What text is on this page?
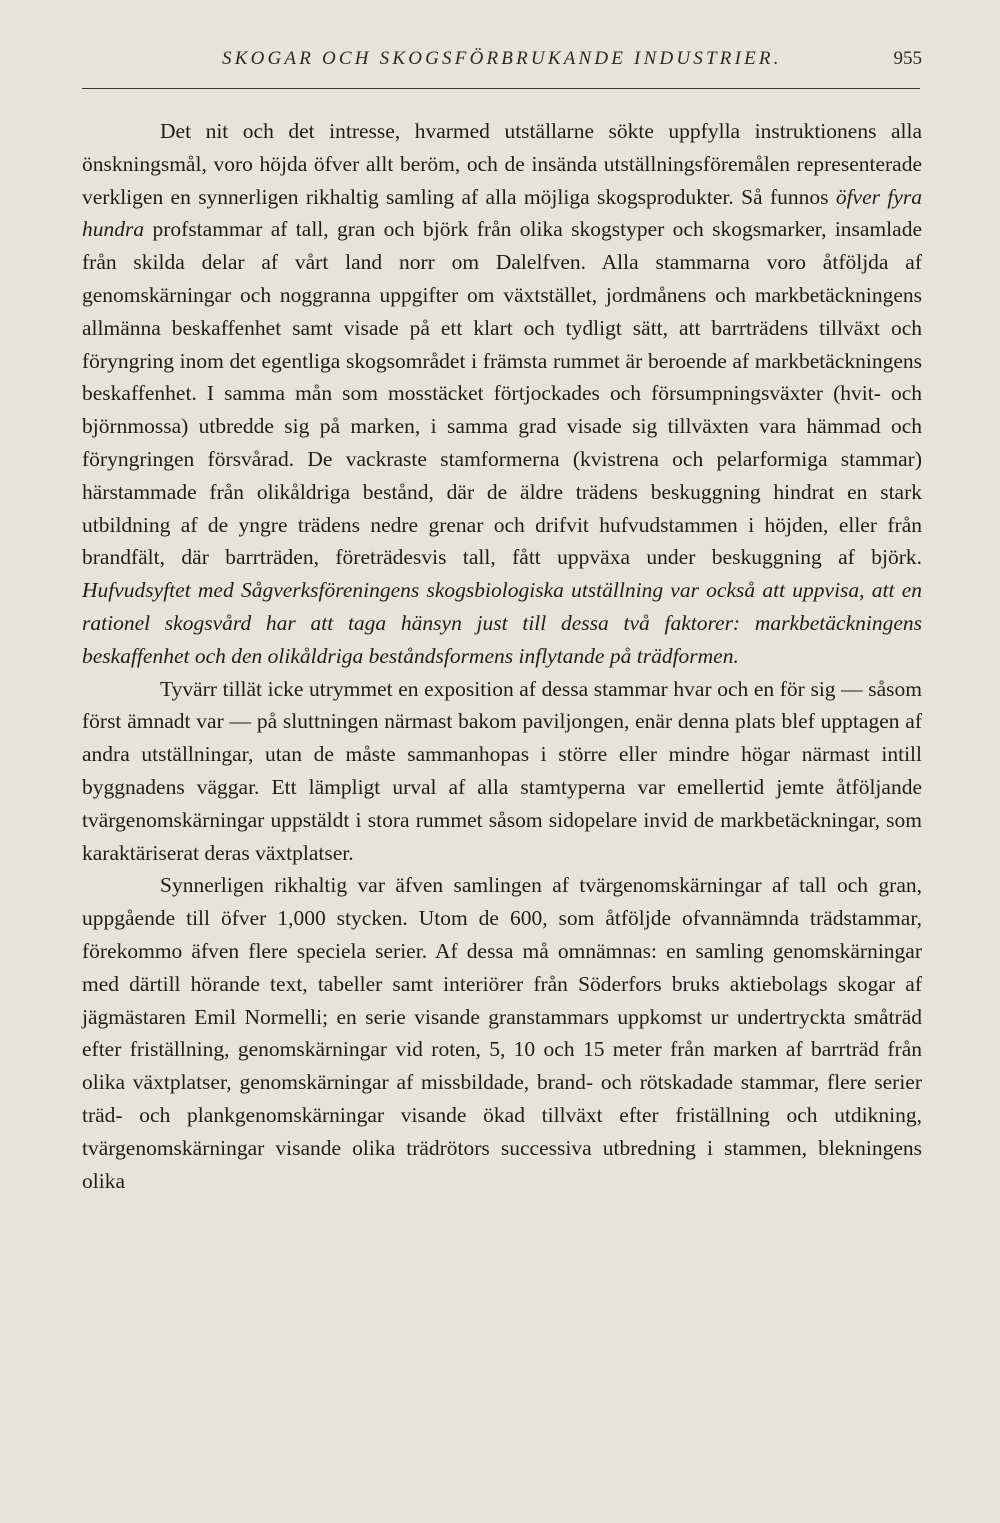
SKOGAR OCH SKOGSFÖRBRUKANDE INDUSTRIER.	955

Det nit och det intresse, hvarmed utställarne sökte uppfylla instruktionens alla önskningsmål, voro höjda öfver allt beröm, och de insända utställningsföremålen representerade verkligen en synnerligen rikhaltig samling af alla möjliga skogsprodukter. Så funnos öfver fyra hundra profstammar af tall, gran och björk från olika skogstyper och skogsmarker, insamlade från skilda delar af vårt land norr om Dalelfven. Alla stammarna voro åtföljda af genomskärningar och noggranna uppgifter om växtstället, jordmånens och markbetäckningens allmänna beskaffenhet samt visade på ett klart och tydligt sätt, att barrträdens tillväxt och föryngring inom det egentliga skogsområdet i främsta rummet är beroende af markbetäckningens beskaffenhet. I samma mån som mosstäcket förtjockades och försumpningsväxter (hvit- och björnmossa) utbredde sig på marken, i samma grad visade sig tillväxten vara hämmad och föryngringen försvårad. De vackraste stamformerna (kvistrena och pelarformiga stammar) härstammade från olikåldriga bestånd, där de äldre trädens beskuggning hindrat en stark utbildning af de yngre trädens nedre grenar och drifvit hufvudstammen i höjden, eller från brandfält, där barrträden, företrädesvis tall, fått uppväxa under beskuggning af björk. Hufvudsyftet med Sågverksföreningens skogsbiologiska utställning var också att uppvisa, att en rationel skogsvård har att taga hänsyn just till dessa två faktorer: markbetäckningens beskaffenhet och den olikåldriga beståndsformens inflytande på trädformen.

Tyvärr tillät icke utrymmet en exposition af dessa stammar hvar och en för sig — såsom först ämnadt var — på sluttningen närmast bakom paviljongen, enär denna plats blef upptagen af andra utställningar, utan de måste sammanhopas i större eller mindre högar närmast intill byggnadens väggar. Ett lämpligt urval af alla stamtyperna var emellertid jemte åtföljande tvärgenomskärningar uppstäldt i stora rummet såsom sidopelare invid de markbetäckningar, som karaktäriserat deras växtplatser.

Synnerligen rikhaltig var äfven samlingen af tvärgenomskärningar af tall och gran, uppgående till öfver 1,000 stycken. Utom de 600, som åtföljde ofvannämnda trädstammar, förekommo äfven flere speciela serier. Af dessa må omnämnas: en samling genomskärningar med därtill hörande text, tabeller samt interiörer från Söderfors bruks aktiebolags skogar af jägmästaren Emil Normelli; en serie visande granstammars uppkomst ur undertryckta småträd efter friställning, genomskärningar vid roten, 5, 10 och 15 meter från marken af barrträd från olika växtplatser, genomskärningar af missbildade, brand- och rötskadade stammar, flere serier träd- och plankgenomskärningar visande ökad tillväxt efter friställning och utdikning, tvärgenomskärningar visande olika trädrötors successiva utbredning i stammen, blekningens olika
